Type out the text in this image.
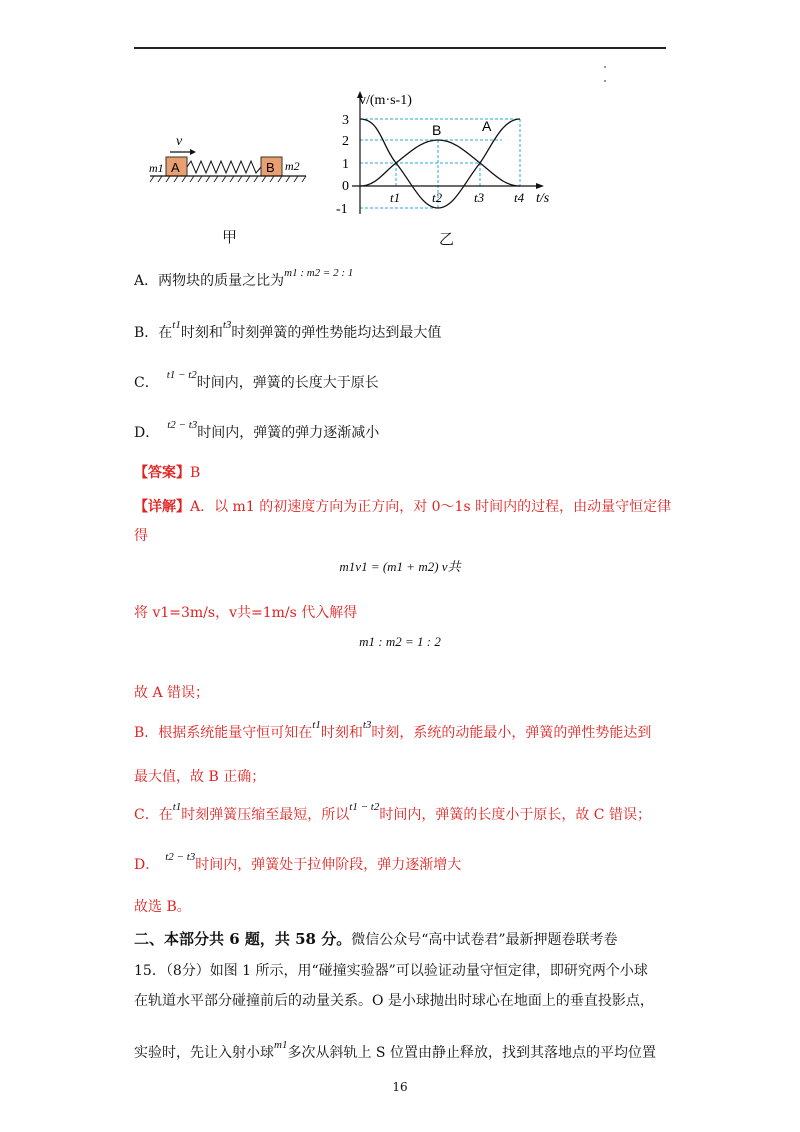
v
m1 A	B m2
甲
v/(m·s-1)
3
2
1
0
-1
t1 t2 t3 t4 t/s
B	A
乙
A．两物块的质量之比为$^{m1 : m2 = 2 : 1}$
B．在$^{t1}$时刻和$^{t3}$时刻弹簧的弹性势能均达到最大值
C． $^{t1 - t2}$时间内，弹簧的长度大于原长
D． $^{t2 - t3}$时间内，弹簧的弹力逐渐减小
【答案】B
【详解】A．以 m1 的初速度方向为正方向，对 0～1s 时间内的过程，由动量守恒定律
得
m1v1 = (m1 + m2) v共
将 v1=3m/s，v共=1m/s 代入解得
m1 : m2 = 1 : 2
故 A 错误；
B．根据系统能量守恒可知在$^{t1}$时刻和$^{t3}$时刻，系统的动能最小，弹簧的弹性势能达到
最大值，故 B 正确；
C．在$^{t1}$时刻弹簧压缩至最短，所以$^{t1 - t2}$时间内，弹簧的长度小于原长，故 C 错误；
D． $^{t2 - t3}$时间内，弹簧处于拉伸阶段，弹力逐渐增大
故选 B。
二、本部分共 6 题，共 58 分。微信公众号“高中试卷君”最新押题卷联考卷
15．（8分）如图 1 所示，用“碰撞实验器”可以验证动量守恒定律，即研究两个小球
在轨道水平部分碰撞前后的动量关系。O 是小球抛出时球心在地面上的垂直投影点，
实验时，先让入射小球$^{m1}$多次从斜轨上 S 位置由静止释放，找到其落地点的平均位置
16
